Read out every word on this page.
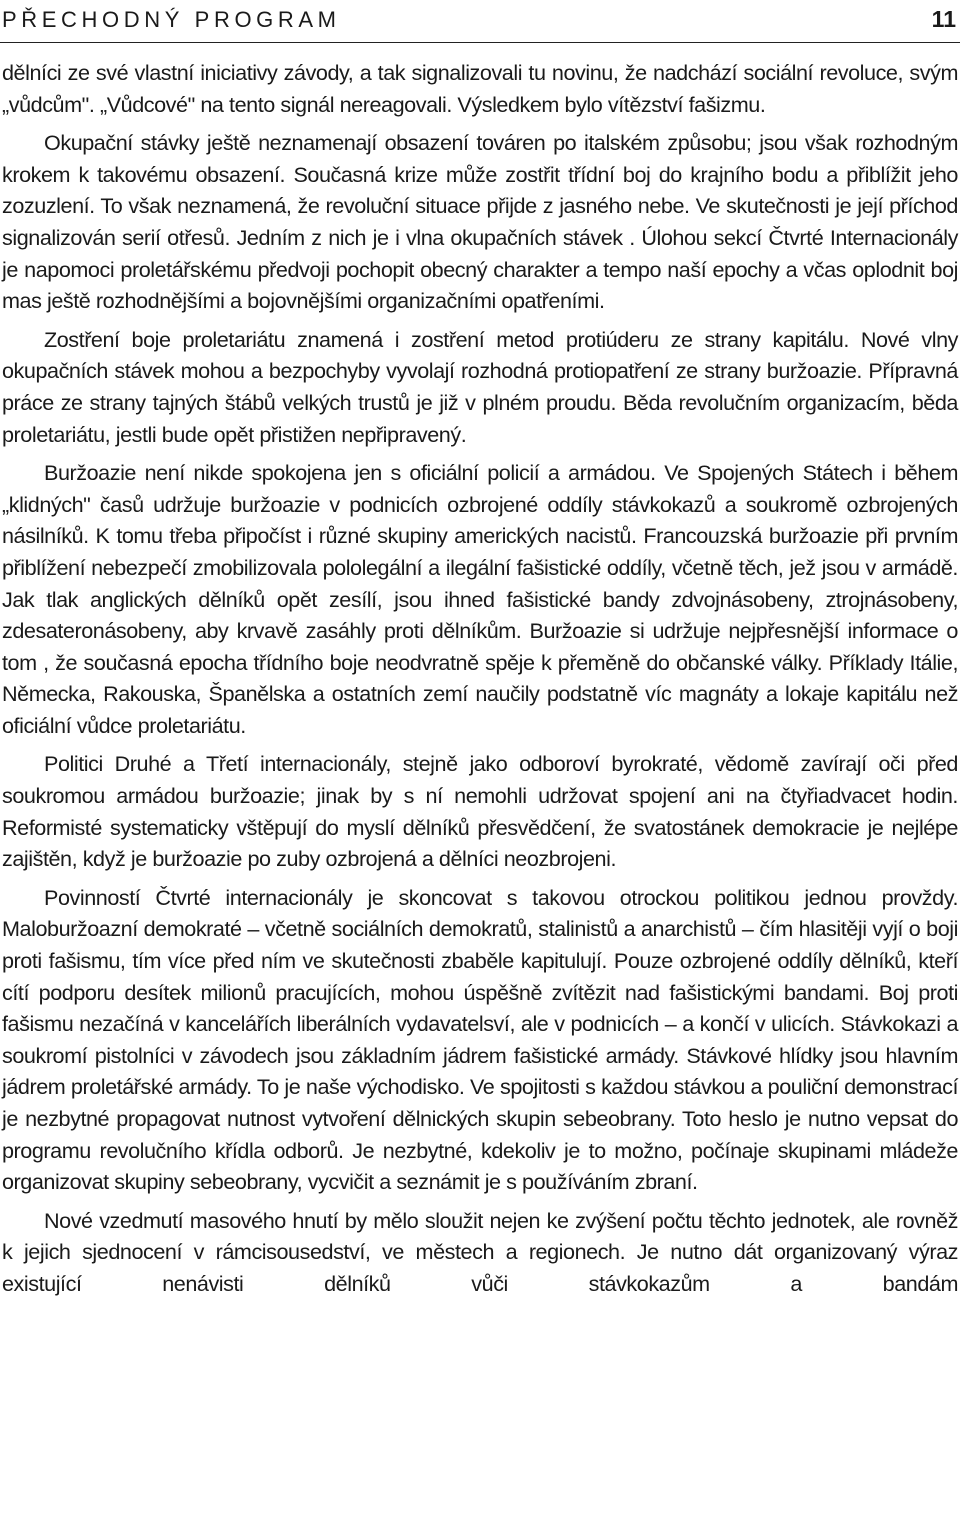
PŘECHODNÝ PROGRAM	11

dělníci ze své vlastní iniciativy závody, a tak signalizovali tu novinu, že nadchází sociální revoluce, svým „vůdcům". „Vůdcové" na tento signál nereagovali. Výsledkem bylo vítězství fašizmu.

Okupační stávky ještě neznamenají obsazení továren po italském způsobu; jsou však rozhodným krokem k takovému obsazení. Současná krize může zostřit třídní boj do krajního bodu a přiblížit jeho zozuzlení. To však neznamená, že revoluční situace přijde z jasného nebe. Ve skutečnosti je její příchod signalizován serií otřesů. Jedním z nich je i vlna okupačních stávek . Úlohou sekcí Čtvrté Internacionály je napomoci proletářskému předvoji pochopit obecný charakter a tempo naší epochy a včas oplodnit boj mas ještě rozhodnějšími a bojovnějšími organizačními opatřeními.

Zostření boje proletariátu znamená i zostření metod protiúderu ze strany kapitálu. Nové vlny okupačních stávek mohou a bezpochyby vyvolají rozhodná protiopatření ze strany buržoazie. Přípravná práce ze strany tajných štábů velkých trustů je již v plném proudu. Běda revolučním organizacím, běda proletariátu, jestli bude opět přistižen nepřipravený.

Buržoazie není nikde spokojena jen s oficiální policií a armádou. Ve Spojených Státech i během „klidných" časů udržuje buržoazie v podnicích ozbrojené oddíly stávkokazů a soukromě ozbrojených násilníků. K tomu třeba připočíst i různé skupiny amerických nacistů. Francouzská buržoazie při prvním přiblížení nebezpečí zmobilizovala pololegální a ilegální fašistické oddíly, včetně těch, jež jsou v armádě. Jak tlak anglických dělníků opět zesílí, jsou ihned fašistické bandy zdvojnásobeny, ztrojnásobeny, zdesateronásobeny, aby krvavě zasáhly proti dělníkům. Buržoazie si udržuje nejpřesnější informace o tom , že současná epocha třídního boje neodvratně spěje k přeměně do občanské války. Příklady Itálie, Německa, Rakouska, Španělska a ostatních zemí naučily podstatně víc magnáty a lokaje kapitálu než oficiální vůdce proletariátu.

Politici Druhé a Třetí internacionály, stejně jako odboroví byrokraté, vědomě zavírají oči před soukromou armádou buržoazie; jinak by s ní nemohli udržovat spojení ani na čtyřiadvacet hodin. Reformisté systematicky vštěpují do myslí dělníků přesvědčení, že svatostánek demokracie je nejlépe zajištěn, když je buržoazie po zuby ozbrojená a dělníci neozbrojeni.

Povinností Čtvrté internacionály je skoncovat s takovou otrockou politikou jednou provždy. Maloburžoazní demokraté – včetně sociálních demokratů, stalinistů a anarchistů – čím hlasitěji vyjí o boji proti fašismu, tím více před ním ve skutečnosti zbaběle kapitulují. Pouze ozbrojené oddíly dělníků, kteří cítí podporu desítek milionů pracujících, mohou úspěšně zvítězit nad fašistickými bandami. Boj proti fašismu nezačíná v kancelářích liberálních vydavatelsví, ale v podnicích – a končí v ulicích. Stávkokazi a soukromí pistolníci v závodech jsou základním jádrem fašistické armády. Stávkové hlídky jsou hlavním jádrem proletářské armády. To je naše východisko. Ve spojitosti s každou stávkou a pouliční demonstrací je nezbytné propagovat nutnost vytvoření dělnických skupin sebeobrany. Toto heslo je nutno vepsat do programu revolučního křídla odborů. Je nezbytné, kdekoliv je to možno, počínaje skupinami mládeže organizovat skupiny sebeobrany, vycvičit a seznámit je s používáním zbraní.

Nové vzedmutí masového hnutí by mělo sloužit nejen ke zvýšení počtu těchto jednotek, ale rovněž k jejich sjednocení v rámcisousedství, ve městech a regionech. Je nutno dát organizovaný výraz existující nenávisti dělníků vůči stávkokazům a bandám
